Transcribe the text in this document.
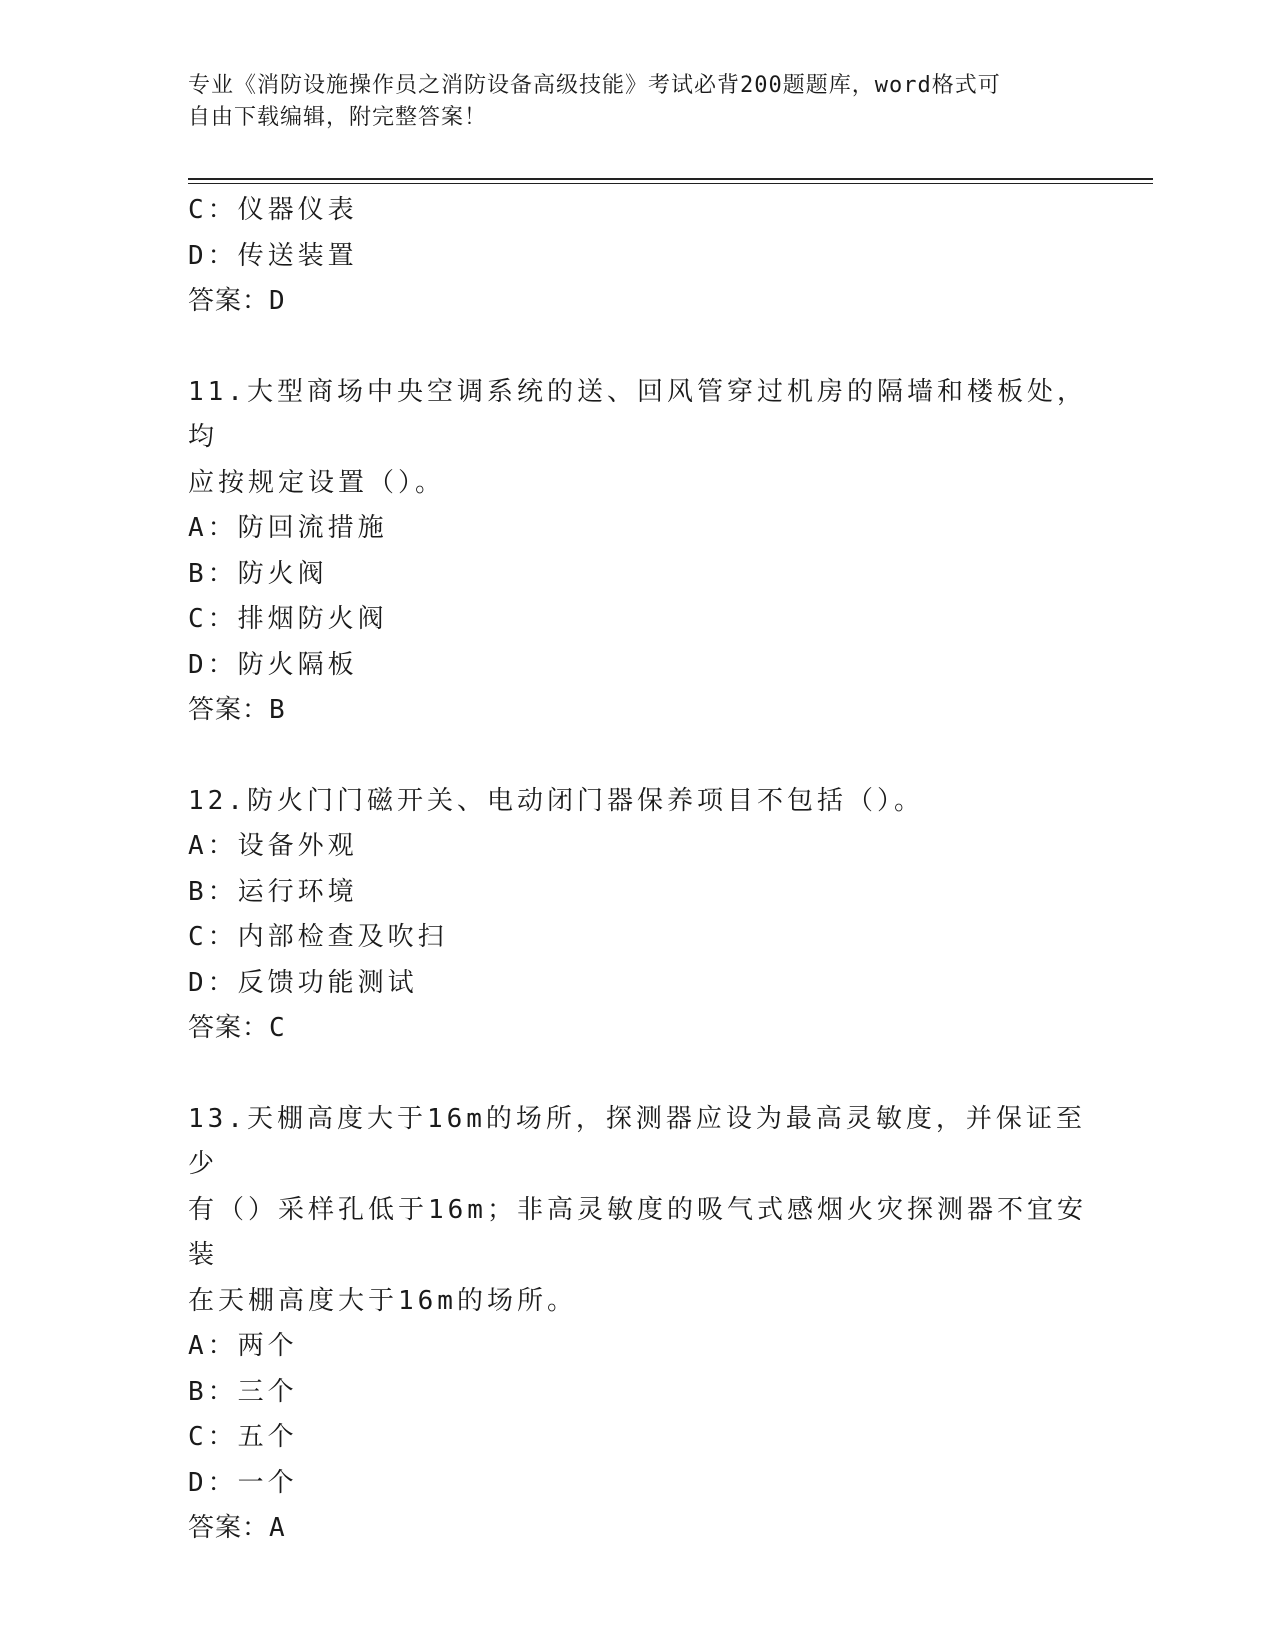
专业《消防设施操作员之消防设备高级技能》考试必背200题题库，word格式可
自由下载编辑，附完整答案！
C：仪器仪表
D：传送装置
答案：D
11.大型商场中央空调系统的送、回风管穿过机房的隔墙和楼板处，均
应按规定设置（）。
A：防回流措施
B：防火阀
C：排烟防火阀
D：防火隔板
答案：B
12.防火门门磁开关、电动闭门器保养项目不包括（）。
A：设备外观
B：运行环境
C：内部检查及吹扫
D：反馈功能测试
答案：C
13.天棚高度大于16m的场所，探测器应设为最高灵敏度，并保证至少
有（）采样孔低于16m；非高灵敏度的吸气式感烟火灾探测器不宜安装
在天棚高度大于16m的场所。
A：两个
B：三个
C：五个
D：一个
答案：A
